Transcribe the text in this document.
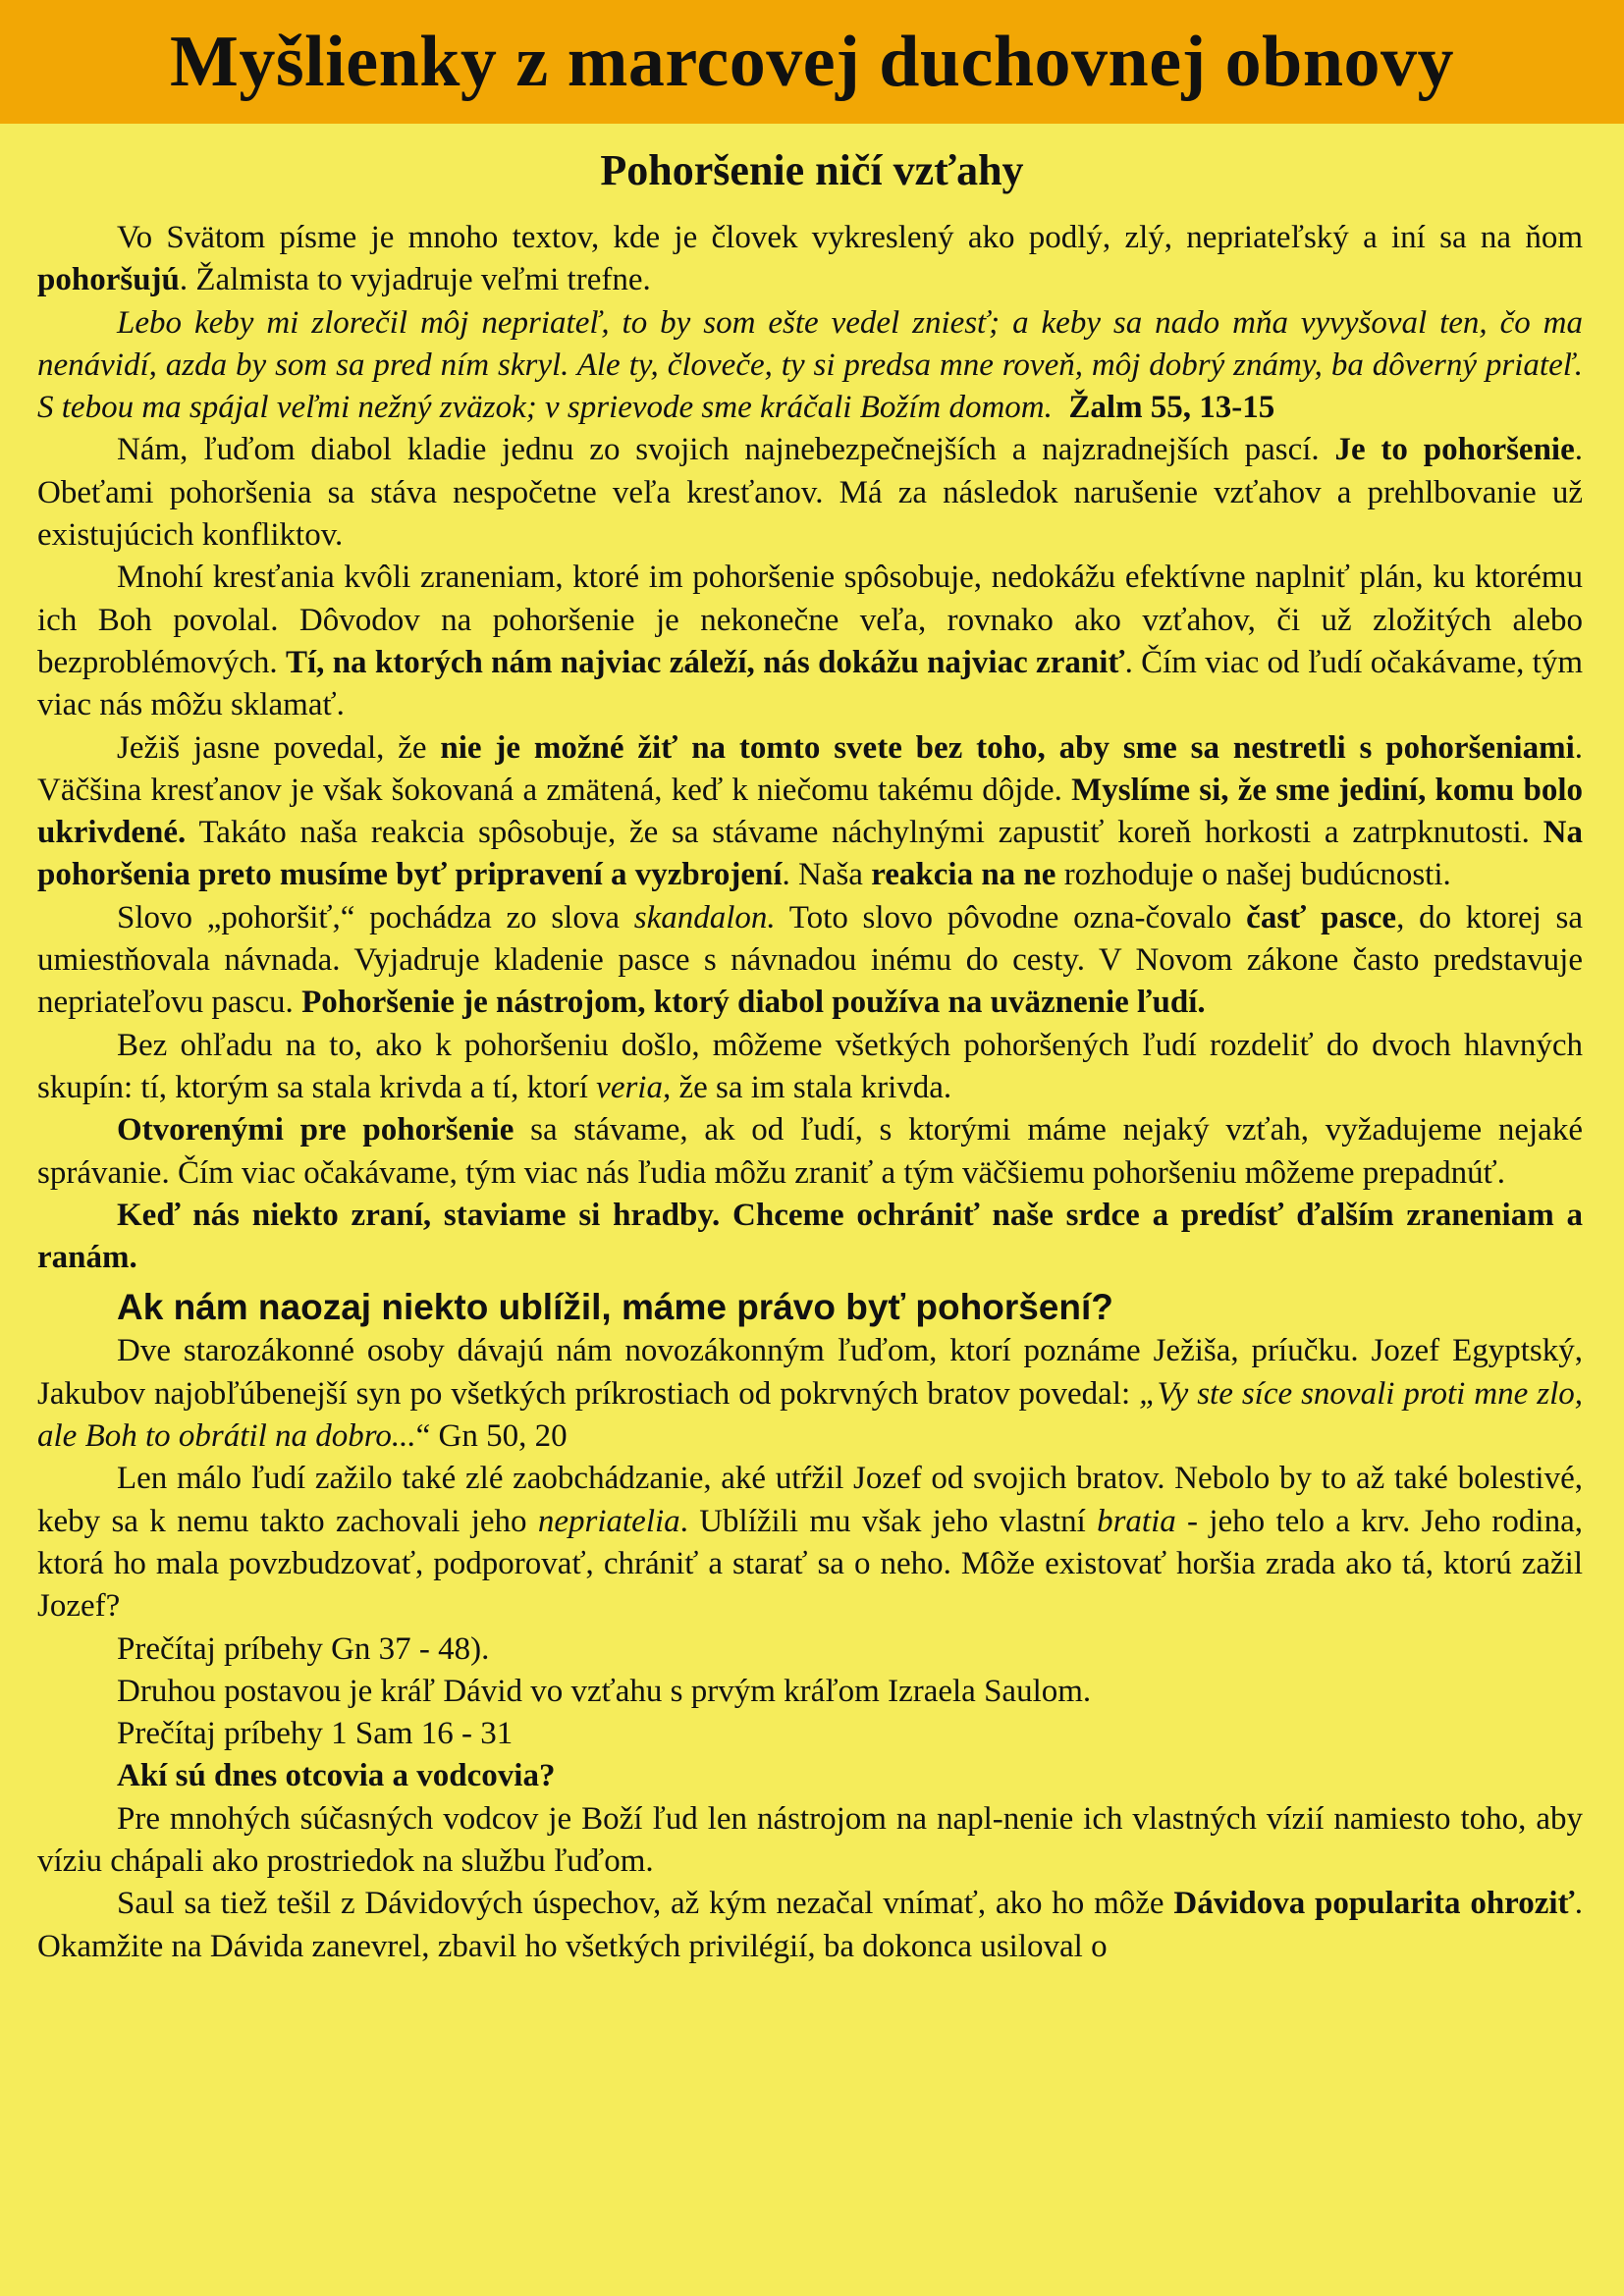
Myšlienky z marcovej duchovnej obnovy
Pohoršenie ničí vzťahy

Vo Svätom písme je mnoho textov, kde je človek vykreslený ako podlý, zlý, nepriateľský a iní sa na ňom pohoršujú. Žalmista to vyjadruje veľmi trefne.

Lebo keby mi zlorečil môj nepriateľ, to by som ešte vedel zniesť; a keby sa nado mňa vyvyšoval ten, čo ma nenávidí, azda by som sa pred ním skryl. Ale ty, človeče, ty si predsa mne roveň, môj dobrý známy, ba dôverný priateľ. S tebou ma spájal veľmi nežný zväzok; v sprievode sme kráčali Božím domom. Žalm 55, 13-15

Nám, ľuďom diabol kladie jednu zo svojich najnebezpečnejších a najzradnejších pascí. Je to pohoršenie. Obeťami pohoršenia sa stáva nespočetne veľa kresťanov. Má za následok narušenie vzťahov a prehlbovanie už existujúcich konfliktov.

Mnohí kresťania kvôli zraneniam, ktoré im pohoršenie spôsobuje, nedokážu efektívne naplniť plán, ku ktorému ich Boh povolal. Dôvodov na pohoršenie je nekonečne veľa, rovnako ako vzťahov, či už zložitých alebo bezproblémových. Tí, na ktorých nám najviac záleží, nás dokážu najviac zraniť. Čím viac od ľudí očakávame, tým viac nás môžu sklamať.

Ježiš jasne povedal, že nie je možné žiť na tomto svete bez toho, aby sme sa nestretli s pohoršeniami. Väčšina kresťanov je však šokovaná a zmätená, keď k niečomu takému dôjde. Myslíme si, že sme jediní, komu bolo ukrivdené. Takáto naša reakcia spôsobuje, že sa stávame náchylnými zapustiť koreň horkosti a zatrpknutosti. Na pohoršenia preto musíme byť pripravení a vyzbrojení. Naša reakcia na ne rozhoduje o našej budúcnosti.

Slovo „pohoršiť,“ pochádza zo slova skandalon. Toto slovo pôvodne ozna-čovalo časť pasce, do ktorej sa umiestňovala návnada. Vyjadruje kladenie pasce s návnadou inému do cesty. V Novom zákone často predstavuje nepriateľovu pascu. Pohoršenie je nástrojom, ktorý diabol používa na uväznenie ľudí.

Bez ohľadu na to, ako k pohoršeniu došlo, môžeme všetkých pohoršených ľudí rozdeliť do dvoch hlavných skupín: tí, ktorým sa stala krivda a tí, ktorí veria, že sa im stala krivda.

Otvorenými pre pohoršenie sa stávame, ak od ľudí, s ktorými máme nejaký vzťah, vyžadujeme nejaké správanie. Čím viac očakávame, tým viac nás ľudia môžu zraniť a tým väčšiemu pohoršeniu môžeme prepadnúť.

Keď nás niekto zraní, staviame si hradby. Chceme ochrániť naše srdce a predísť ďalším zraneniam a ranám.

Ak nám naozaj niekto ublížil, máme právo byť pohoršení?

Dve starozákonné osoby dávajú nám novozákonným ľuďom, ktorí poznáme Ježiša, príučku. Jozef Egyptský, Jakubov najobľúbenejší syn po všetkých príkrostiach od pokrvných bratov povedal: „Vy ste síce snovali proti mne zlo, ale Boh to obrátil na dobro...“ Gn 50, 20

Len málo ľudí zažilo také zlé zaobchádzanie, aké utŕžil Jozef od svojich bratov. Nebolo by to až také bolestivé, keby sa k nemu takto zachovali jeho nepriatelia. Ublížili mu však jeho vlastní bratia - jeho telo a krv. Jeho rodina, ktorá ho mala povzbudzovať, podporovať, chrániť a starať sa o neho. Môže existovať horšia zrada ako tá, ktorú zažil Jozef?

Prečítaj príbehy Gn 37 - 48).

Druhou postavou je kráľ Dávid vo vzťahu s prvým kráľom Izraela Saulom.

Prečítaj príbehy 1 Sam 16 - 31

Akí sú dnes otcovia a vodcovia?

Pre mnohých súčasných vodcov je Boží ľud len nástrojom na napl-nenie ich vlastných vízií namiesto toho, aby víziu chápali ako prostriedok na službu ľuďom.

Saul sa tiež tešil z Dávidových úspechov, až kým nezačal vnímať, ako ho môže Dávidova popularita ohroziť. Okamžite na Dávida zanevrel, zbavil ho všetkých privilégií, ba dokonca usiloval o
